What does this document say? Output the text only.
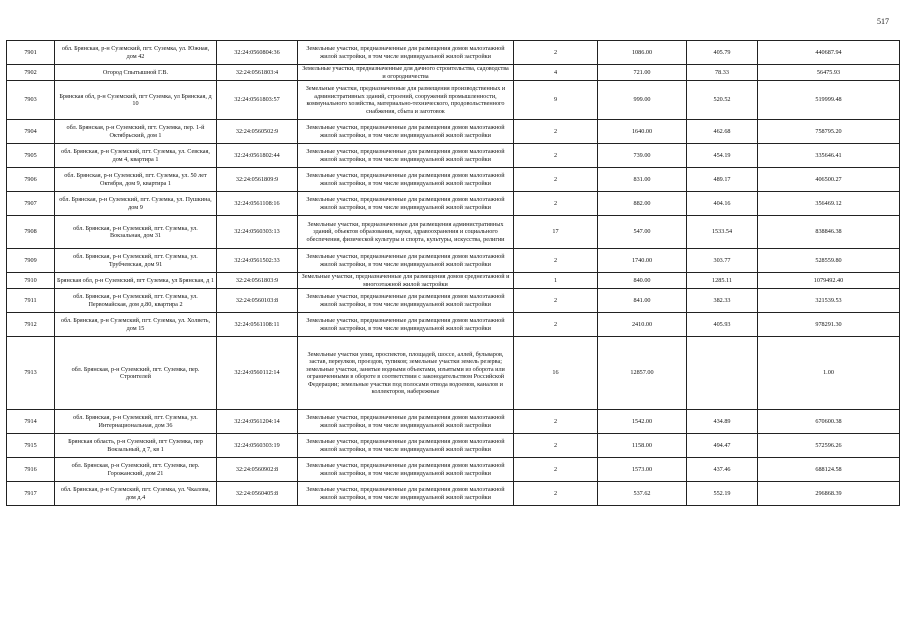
517
7901	обл. Брянская, р-н Суземский, пгт. Суземка, ул. Южная, дом 42	32:24:0560804:36	Земельные участки, предназначенные для размещения домов малоэтажной жилой застройки, в том числе индивидуальной жилой застройки	2	1086.00	405.79	440687.94
7902	Огород Спытышной Г.В.	32:24:0561803:4	Земельные участки, предназначенные для дачного строительства, садоводства и огородничества	4	721.00	78.33	56475.93
7903	Брянская обл, р-н Суземский, пгт Суземка, ул Брянская, д 10	32:24:0561803:57	Земельные участки, предназначенные для размещения производственных и административных зданий, строений, сооружений промышленности, коммунального хозяйства, материально-технического, продовольственного снабжения, сбыта и заготовок	9	999.00	520.52	519999.48
7904	обл. Брянская, р-н Суземский, пгт. Суземка, пер. 1-й Октябрьский, дом 1	32:24:0560502:9	Земельные участки, предназначенные для размещения домов малоэтажной жилой застройки, в том числе индивидуальной жилой застройки	2	1640.00	462.68	758795.20
7905	обл. Брянская, р-н Суземский, пгт. Суземка, ул. Севская, дом 4, квартира 1	32:24:0561802:44	Земельные участки, предназначенные для размещения домов малоэтажной жилой застройки, в том числе индивидуальной жилой застройки	2	739.00	454.19	335646.41
7906	обл. Брянская, р-н Суземский, пгт. Суземка, ул. 50 лет Октября, дом 9, квартира 1	32:24:0561809:9	Земельные участки, предназначенные для размещения домов малоэтажной жилой застройки, в том числе индивидуальной жилой застройки	2	831.00	489.17	406500.27
7907	обл. Брянская, р-н Суземский, пгт. Суземка, ул. Пушкина, дом 9	32:24:0561108:16	Земельные участки, предназначенные для размещения домов малоэтажной жилой застройки, в том числе индивидуальной жилой застройки	2	882.00	404.16	356469.12
7908	обл. Брянская, р-н Суземский, пгт. Суземка, ул. Вокзальная, дом 31	32:24:0560303:13	Земельные участки, предназначенные для размещения административных зданий, объектов образования, науки, здравоохранения и социального обеспечения, физической культуры и спорта, культуры, искусства, религии	17	547.00	1533.54	838846.38
7909	обл. Брянская, р-н Суземский, пгт. Суземка, ул. Трубчевская, дом 91	32:24:0561502:33	Земельные участки, предназначенные для размещения домов малоэтажной жилой застройки, в том числе индивидуальной жилой застройки	2	1740.00	303.77	528559.80
7910	Брянская обл, р-н Суземский, пгт Суземка, ул Брянская, д 1	32:24:0561803:9	Земельные участки, предназначенные для размещения домов среднеэтажной и многоэтажной жилой застройки	1	840.00	1285.11	1079492.40
7911	обл. Брянская, р-н Суземский, пгт. Суземка, ул. Первомайская, дом д.80, квартира 2	32:24:0560103:8	Земельные участки, предназначенные для размещения домов малоэтажной жилой застройки, в том числе индивидуальной жилой застройки	2	841.00	382.33	321539.53
7912	обл. Брянская, р-н Суземский, пгт. Суземка, ул. Холветь, дом 15	32:24:0561108:11	Земельные участки, предназначенные для размещения домов малоэтажной жилой застройки, в том числе индивидуальной жилой застройки	2	2410.00	405.93	978291.30
7913	обл. Брянская, р-н Суземский, пгт. Суземка, пер. Строителей	32:24:0560112:14	Земельные участки улиц, проспектов, площадей, шоссе, аллей, бульваров, застав, переулков, проездов, тупиков; земельные участки земель резерва; земельные участки, занятые водными объектами, изъятыми из оборота или ограниченными в обороте в соответствии с законодательством Российской Федерации; земельные участки под полосами отвода водоемов, каналов и коллекторов, набережные	16	12857.00		1.00
7914	обл. Брянская, р-н Суземский, пгт. Суземка, ул. Интернациональная, дом 36	32:24:0561204:14	Земельные участки, предназначенные для размещения домов малоэтажной жилой застройки, в том числе индивидуальной жилой застройки	2	1542.00	434.89	670600.38
7915	Брянская область, р-н Суземский, пгт Суземка, пер Вокзальный, д 7, кв 1	32:24:0560303:19	Земельные участки, предназначенные для размещения домов малоэтажной жилой застройки, в том числе индивидуальной жилой застройки	2	1158.00	494.47	572596.26
7916	обл. Брянская, р-н Суземский, пгт. Суземка, пер. Горожанский, дом 21	32:24:0560902:8	Земельные участки, предназначенные для размещения домов малоэтажной жилой застройки, в том числе индивидуальной жилой застройки	2	1573.00	437.46	688124.58
7917	обл. Брянская, р-н Суземский, пгт. Суземка, ул. Чкалова, дом д.4	32:24:0560405:8	Земельные участки, предназначенные для размещения домов малоэтажной жилой застройки, в том числе индивидуальной жилой застройки	2	537.62	552.19	296868.39
